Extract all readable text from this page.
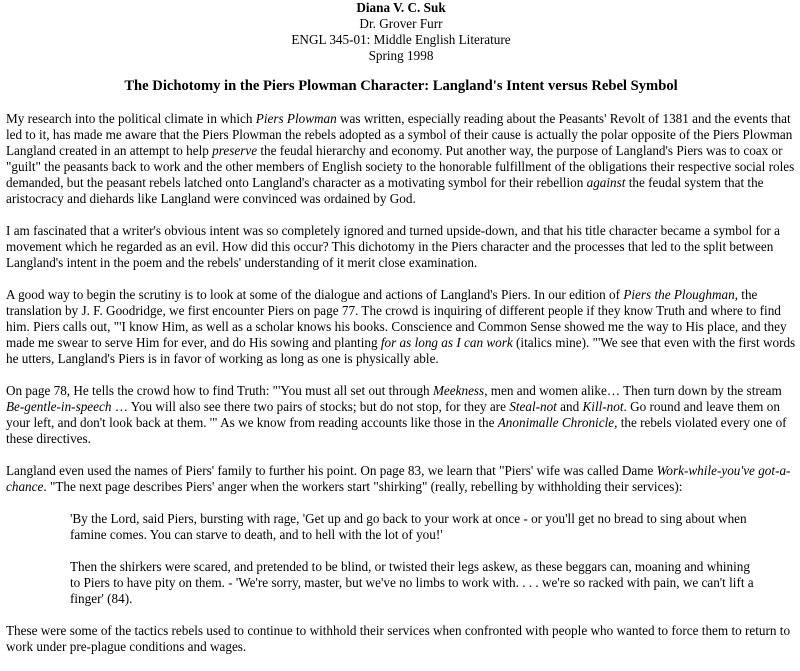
Diana V. C. Suk
Dr. Grover Furr
ENGL 345-01: Middle English Literature
Spring 1998
The Dichotomy in the Piers Plowman Character: Langland's Intent versus Rebel Symbol

My research into the political climate in which Piers Plowman was written, especially reading about the Peasants' Revolt of 1381 and the events that led to it, has made me aware that the Piers Plowman the rebels adopted as a symbol of their cause is actually the polar opposite of the Piers Plowman Langland created in an attempt to help preserve the feudal hierarchy and economy. Put another way, the purpose of Langland's Piers was to coax or "guilt" the peasants back to work and the other members of English society to the honorable fulfillment of the obligations their respective social roles demanded, but the peasant rebels latched onto Langland's character as a motivating symbol for their rebellion against the feudal system that the aristocracy and diehards like Langland were convinced was ordained by God.

I am fascinated that a writer's obvious intent was so completely ignored and turned upside-down, and that his title character became a symbol for a movement which he regarded as an evil. How did this occur? This dichotomy in the Piers character and the processes that led to the split between Langland's intent in the poem and the rebels' understanding of it merit close examination.

A good way to begin the scrutiny is to look at some of the dialogue and actions of Langland's Piers. In our edition of Piers the Ploughman, the translation by J. F. Goodridge, we first encounter Piers on page 77. The crowd is inquiring of different people if they know Truth and where to find him. Piers calls out, "'I know Him, as well as a scholar knows his books. Conscience and Common Sense showed me the way to His place, and they made me swear to serve Him for ever, and do His sowing and planting for as long as I can work (italics mine). "'We see that even with the first words he utters, Langland's Piers is in favor of working as long as one is physically able.

On page 78, He tells the crowd how to find Truth: "'You must all set out through Meekness, men and women alike… Then turn down by the stream Be-gentle-in-speech … You will also see there two pairs of stocks; but do not stop, for they are Steal-not and Kill-not. Go round and leave them on your left, and don't look back at them. '" As we know from reading accounts like those in the Anonimalle Chronicle, the rebels violated every one of these directives.

Langland even used the names of Piers' family to further his point. On page 83, we learn that "Piers' wife was called Dame Work-while-you've got-a-chance. "The next page describes Piers' anger when the workers start "shirking" (really, rebelling by withholding their services):

'By the Lord, said Piers, bursting with rage, 'Get up and go back to your work at once - or you'll get no bread to sing about when famine comes. You can starve to death, and to hell with the lot of you!'

Then the shirkers were scared, and pretended to be blind, or twisted their legs askew, as these beggars can, moaning and whining to Piers to have pity on them. - 'We're sorry, master, but we've no limbs to work with. . . . we're so racked with pain, we can't lift a finger' (84).

These were some of the tactics rebels used to continue to withhold their services when confronted with people who wanted to force them to return to work under pre-plague conditions and wages.
